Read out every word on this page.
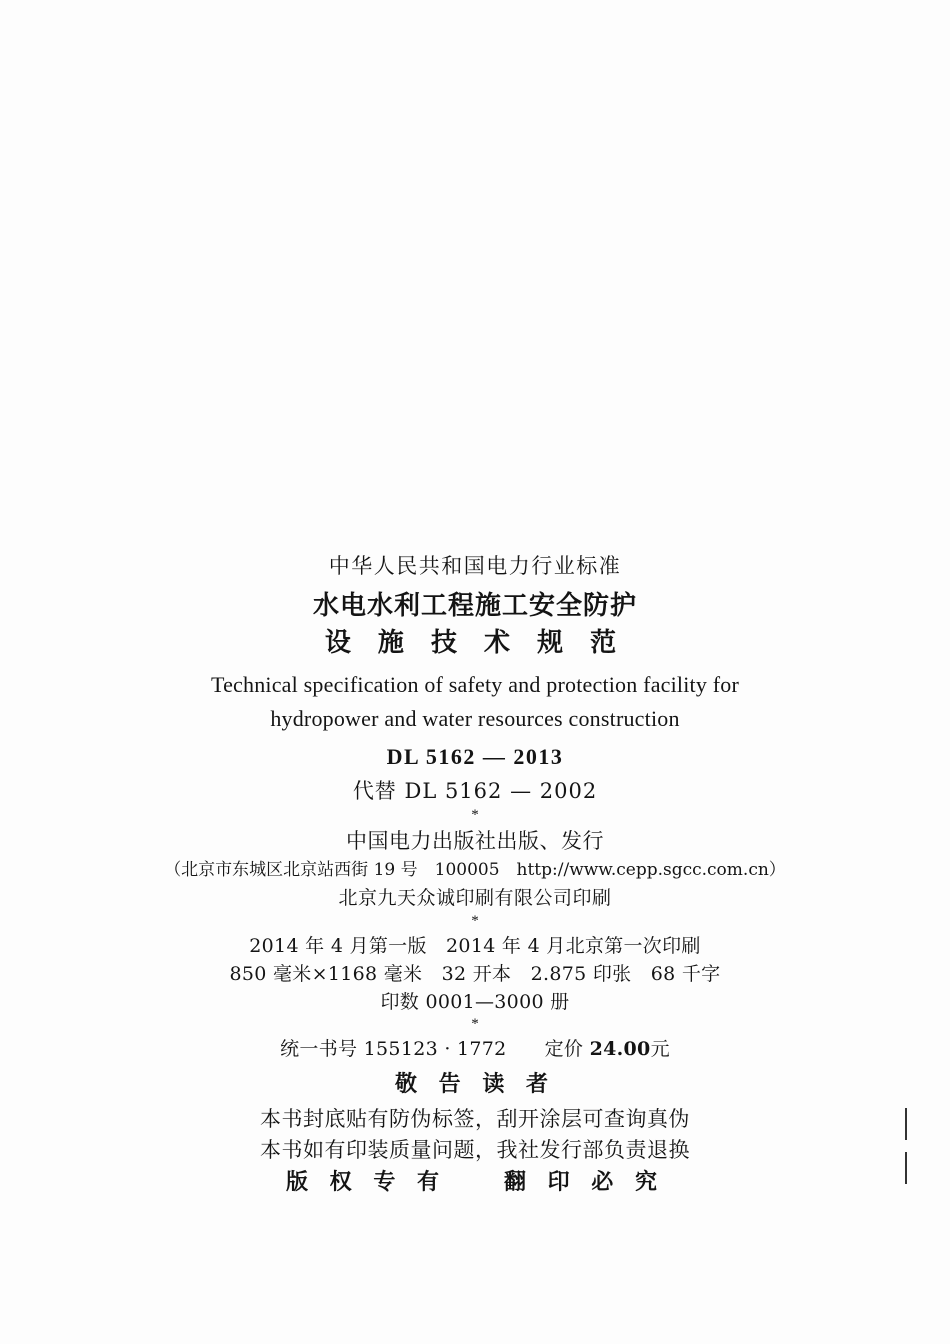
中华人民共和国电力行业标准
水电水利工程施工安全防护
设 施 技 术 规 范
Technical specification of safety and protection facility for
hydropower and water resources construction
DL 5162 — 2013
代替 DL 5162 — 2002
*
中国电力出版社出版、发行
（北京市东城区北京站西街 19 号　100005　http://www.cepp.sgcc.com.cn）
北京九天众诚印刷有限公司印刷
*
2014 年 4 月第一版　2014 年 4 月北京第一次印刷
850 毫米×1168 毫米　32 开本　2.875 印张　68 千字
印数 0001—3000 册
*
统一书号 155123 · 1772 定价 24.00元
敬 告 读 者
本书封底贴有防伪标签，刮开涂层可查询真伪
本书如有印装质量问题，我社发行部负责退换
版 权 专 有　　翻 印 必 究
